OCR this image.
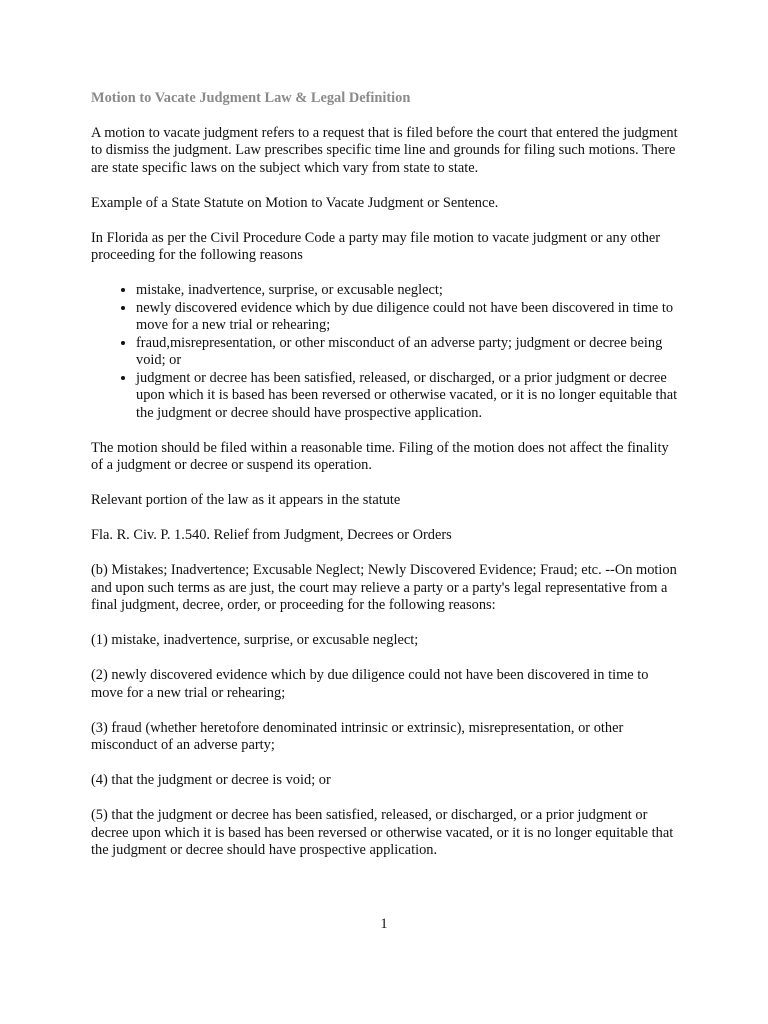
Motion to Vacate Judgment Law & Legal Definition

A motion to vacate judgment refers to a request that is filed before the court that entered the judgment to dismiss the judgment. Law prescribes specific time line and grounds for filing such motions. There are state specific laws on the subject which vary from state to state.

Example of a State Statute on Motion to Vacate Judgment or Sentence.

In Florida as per the Civil Procedure Code a party may file motion to vacate judgment or any other proceeding for the following reasons

• mistake, inadvertence, surprise, or excusable neglect;
• newly discovered evidence which by due diligence could not have been discovered in time to move for a new trial or rehearing;
• fraud,misrepresentation, or other misconduct of an adverse party; judgment or decree being void; or
• judgment or decree has been satisfied, released, or discharged, or a prior judgment or decree upon which it is based has been reversed or otherwise vacated, or it is no longer equitable that the judgment or decree should have prospective application.

The motion should be filed within a reasonable time. Filing of the motion does not affect the finality of a judgment or decree or suspend its operation.

Relevant portion of the law as it appears in the statute

Fla. R. Civ. P. 1.540. Relief from Judgment, Decrees or Orders

(b) Mistakes; Inadvertence; Excusable Neglect; Newly Discovered Evidence; Fraud; etc. --On motion and upon such terms as are just, the court may relieve a party or a party's legal representative from a final judgment, decree, order, or proceeding for the following reasons:

(1) mistake, inadvertence, surprise, or excusable neglect;

(2) newly discovered evidence which by due diligence could not have been discovered in time to move for a new trial or rehearing;

(3) fraud (whether heretofore denominated intrinsic or extrinsic), misrepresentation, or other misconduct of an adverse party;

(4) that the judgment or decree is void; or

(5) that the judgment or decree has been satisfied, released, or discharged, or a prior judgment or decree upon which it is based has been reversed or otherwise vacated, or it is no longer equitable that the judgment or decree should have prospective application.

1
